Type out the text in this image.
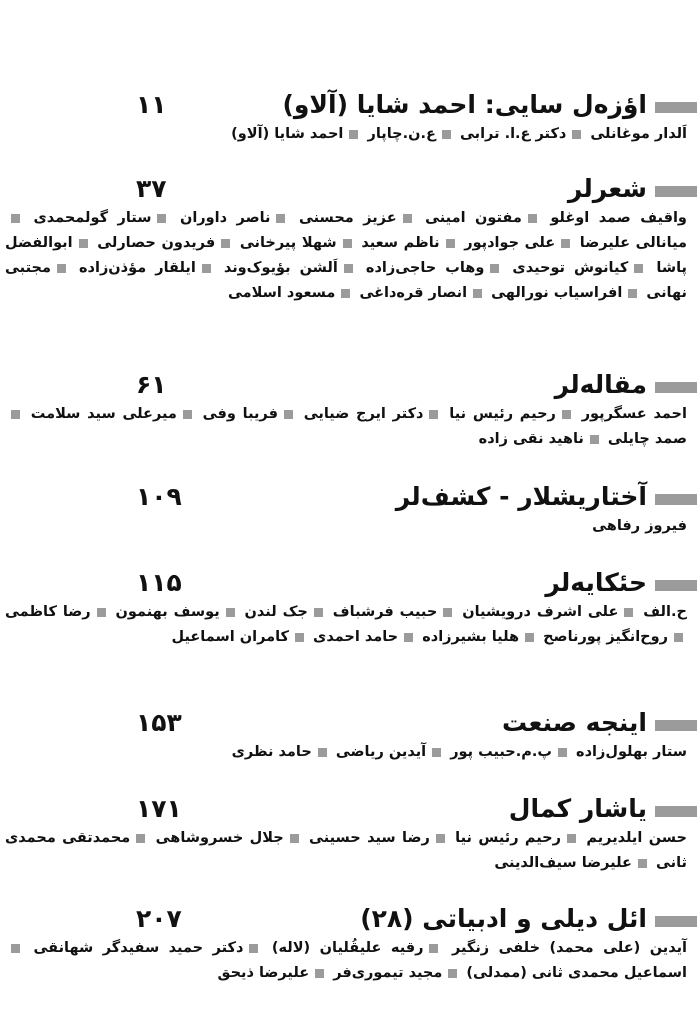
اؤزه‌ل سایی: احمد شایا (آلاو)
۱۱
اَلدار موغانلی دکتر ع.ا. ترابی ع.ن.چاپار احمد شایا (آلاو)
شعرلر
۳۷
واقیف صمد اوغلو مفتون امینی عزیز محسنی ناصر داوران ستار گولمحمدی میانالی علیرضا علی جوادپور ناظم سعید شهلا پیرخانی فریدون حصارلی ابوالفضل پاشا کیانوش توحیدی وهاب حاجی‌زاده اَلشن بؤیوک‌وند ایلقار مؤذن‌زاده مجتبی نهانی افراسیاب نورالهی انصار قره‌داغی مسعود اسلامی
مقاله‌لر
۶۱
احمد عسگرپور رحیم رئیس نیا دکتر ایرج ضیایی فریبا وفی میرعلی سید سلامت صمد چایلی ناهید نقی زاده
آختاریشلار - کشف‌لر
۱۰۹
فیروز رفاهی
حئکایه‌لر
۱۱۵
ح.الف علی اشرف درویشیان حبیب فرشباف جک لندن یوسف بهنمون رضا کاظمی روح‌انگیز پورناصح هلیا بشیرزاده حامد احمدی کامران اسماعیل
اینجه صنعت
۱۵۳
ستار بهلول‌زاده پ.م.حبیب پور آیدین ریاضی حامد نظری
یاشار کمال
۱۷۱
حسن ایلدیریم رحیم رئیس نیا رضا سید حسینی جلال خسروشاهی محمدتقی محمدی ثانی علیرضا سیف‌الدینی
ائل دیلی و ادبیاتی (۲۸)
۲۰۷
آیدین (علی محمد) خلفی زنگیر رقیه علیقُلیان (لاله) دکتر حمید سفیدگر شهانقی اسماعیل محمدی ثانی (ممدلی) مجید تیموری‌فر علیرضا ذیحق
